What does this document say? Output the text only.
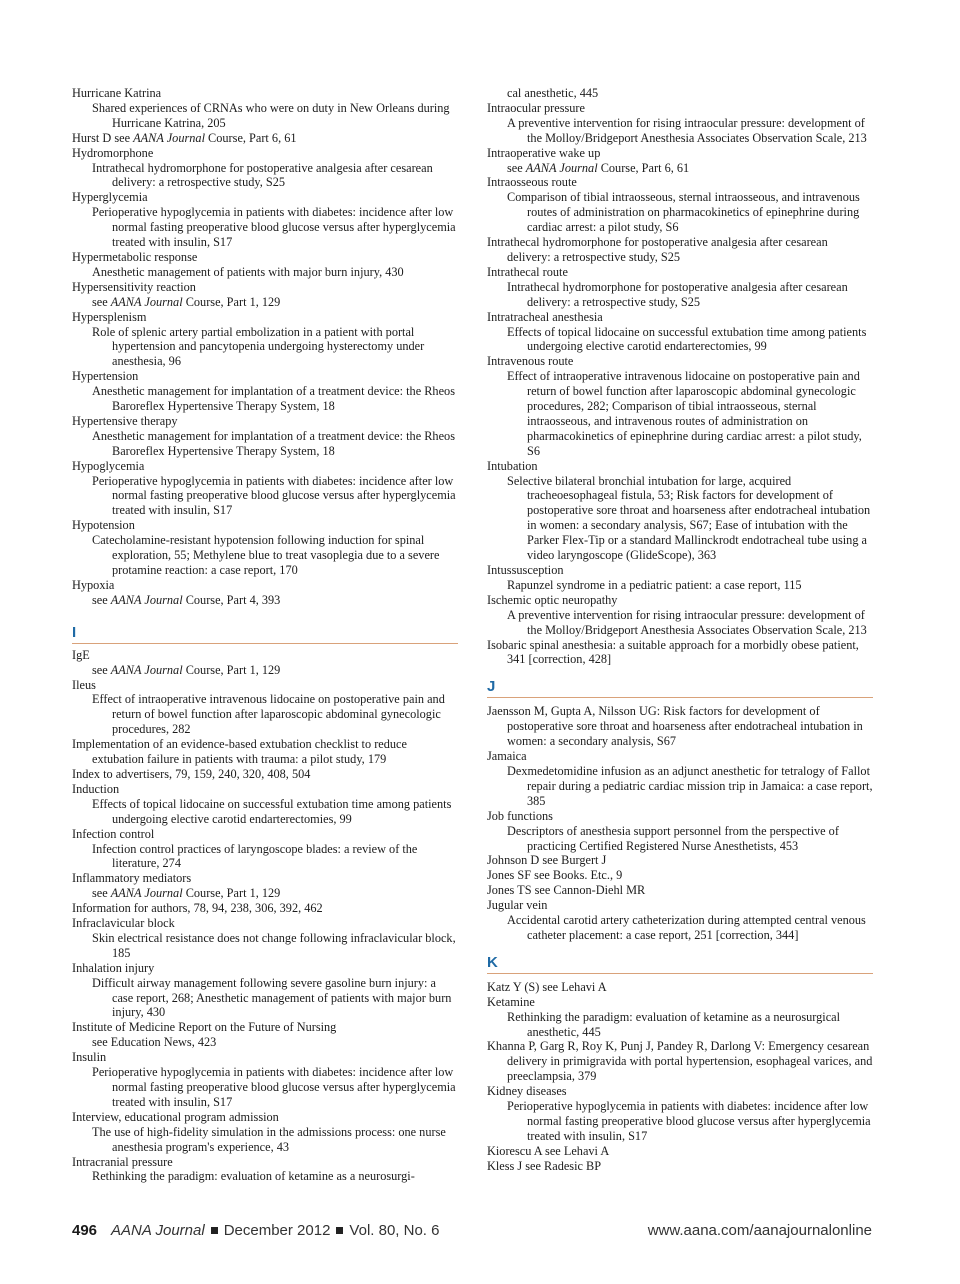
Hurricane Katrina

Shared experiences of CRNAs who were on duty in New Orleans during Hurricane Katrina, 205

Hurst D see AANA Journal Course, Part 6, 61

Hydromorphone

Intrathecal hydromorphone for postoperative analgesia after cesarean delivery: a retrospective study, S25

Hyperglycemia

Perioperative hypoglycemia in patients with diabetes: incidence after low normal fasting preoperative blood glucose versus after hyperglycemia treated with insulin, S17

Hypermetabolic response

Anesthetic management of patients with major burn injury, 430

Hypersensitivity reaction

see AANA Journal Course, Part 1, 129

Hypersplenism

Role of splenic artery partial embolization in a patient with portal hypertension and pancytopenia undergoing hysterectomy under anesthesia, 96

Hypertension

Anesthetic management for implantation of a treatment device: the Rheos Baroreflex Hypertensive Therapy System, 18

Hypertensive therapy

Anesthetic management for implantation of a treatment device: the Rheos Baroreflex Hypertensive Therapy System, 18

Hypoglycemia

Perioperative hypoglycemia in patients with diabetes: incidence after low normal fasting preoperative blood glucose versus after hyperglycemia treated with insulin, S17

Hypotension

Catecholamine-resistant hypotension following induction for spinal exploration, 55; Methylene blue to treat vasoplegia due to a severe protamine reaction: a case report, 170

Hypoxia

see AANA Journal Course, Part 4, 393

I

IgE

see AANA Journal Course, Part 1, 129

Ileus

Effect of intraoperative intravenous lidocaine on postoperative pain and return of bowel function after laparoscopic abdominal gynecologic procedures, 282

Implementation of an evidence-based extubation checklist to reduce extubation failure in patients with trauma: a pilot study, 179

Index to advertisers, 79, 159, 240, 320, 408, 504

Induction

Effects of topical lidocaine on successful extubation time among patients undergoing elective carotid endarterectomies, 99

Infection control

Infection control practices of laryngoscope blades: a review of the literature, 274

Inflammatory mediators

see AANA Journal Course, Part 1, 129

Information for authors, 78, 94, 238, 306, 392, 462

Infraclavicular block

Skin electrical resistance does not change following infraclavicular block, 185

Inhalation injury

Difficult airway management following severe gasoline burn injury: a case report, 268; Anesthetic management of patients with major burn injury, 430

Institute of Medicine Report on the Future of Nursing

see Education News, 423

Insulin

Perioperative hypoglycemia in patients with diabetes: incidence after low normal fasting preoperative blood glucose versus after hyperglycemia treated with insulin, S17

Interview, educational program admission

The use of high-fidelity simulation in the admissions process: one nurse anesthesia program's experience, 43

Intracranial pressure

Rethinking the paradigm: evaluation of ketamine as a neurosurgi-

cal anesthetic, 445

Intraocular pressure

A preventive intervention for rising intraocular pressure: development of the Molloy/Bridgeport Anesthesia Associates Observation Scale, 213

Intraoperative wake up

see AANA Journal Course, Part 6, 61

Intraosseous route

Comparison of tibial intraosseous, sternal intraosseous, and intravenous routes of administration on pharmacokinetics of epinephrine during cardiac arrest: a pilot study, S6

Intrathecal hydromorphone for postoperative analgesia after cesarean delivery: a retrospective study, S25

Intrathecal route

Intrathecal hydromorphone for postoperative analgesia after cesarean delivery: a retrospective study, S25

Intratracheal anesthesia

Effects of topical lidocaine on successful extubation time among patients undergoing elective carotid endarterectomies, 99

Intravenous route

Effect of intraoperative intravenous lidocaine on postoperative pain and return of bowel function after laparoscopic abdominal gynecologic procedures, 282; Comparison of tibial intraosseous, sternal intraosseous, and intravenous routes of administration on pharmacokinetics of epinephrine during cardiac arrest: a pilot study, S6

Intubation

Selective bilateral bronchial intubation for large, acquired tracheoesophageal fistula, 53; Risk factors for development of postoperative sore throat and hoarseness after endotracheal intubation in women: a secondary analysis, S67; Ease of intubation with the Parker Flex-Tip or a standard Mallinckrodt endotracheal tube using a video laryngoscope (GlideScope), 363

Intussusception

Rapunzel syndrome in a pediatric patient: a case report, 115

Ischemic optic neuropathy

A preventive intervention for rising intraocular pressure: development of the Molloy/Bridgeport Anesthesia Associates Observation Scale, 213

Isobaric spinal anesthesia: a suitable approach for a morbidly obese patient, 341 [correction, 428]

J

Jaensson M, Gupta A, Nilsson UG: Risk factors for development of postoperative sore throat and hoarseness after endotracheal intubation in women: a secondary analysis, S67

Jamaica

Dexmedetomidine infusion as an adjunct anesthetic for tetralogy of Fallot repair during a pediatric cardiac mission trip in Jamaica: a case report, 385

Job functions

Descriptors of anesthesia support personnel from the perspective of practicing Certified Registered Nurse Anesthetists, 453

Johnson D see Burgert J

Jones SF see Books. Etc., 9

Jones TS see Cannon-Diehl MR

Jugular vein

Accidental carotid artery catheterization during attempted central venous catheter placement: a case report, 251 [correction, 344]

K

Katz Y (S) see Lehavi A

Ketamine

Rethinking the paradigm: evaluation of ketamine as a neurosurgical anesthetic, 445

Khanna P, Garg R, Roy K, Punj J, Pandey R, Darlong V: Emergency cesarean delivery in primigravida with portal hypertension, esophageal varices, and preeclampsia, 379

Kidney diseases

Perioperative hypoglycemia in patients with diabetes: incidence after low normal fasting preoperative blood glucose versus after hyperglycemia treated with insulin, S17

Kiorescu A see Lehavi A

Kless J see Radesic BP

496 AANA Journal December 2012 Vol. 80, No. 6	www.aana.com/aanajournalonline
